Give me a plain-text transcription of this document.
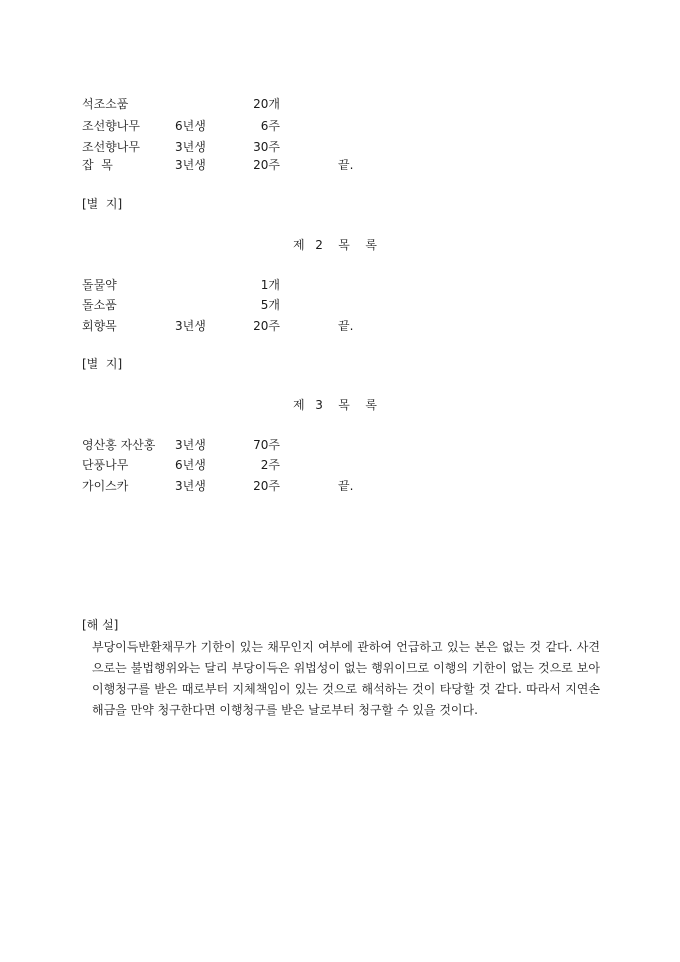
석조소품	20개
조선향나무	6년생	6주
조선향나무	3년생	30주
잡  목	3년생	20주	끝.
[별  지]
제  2   목   록
돌물약	1개
돌소품	5개
회향목	3년생	20주	끝.
[별  지]
제  3   목   록
영산홍 자산홍 3년생	70주
단풍나무	6년생	2주
가이스카	3년생	20주	끝.
[해 설]

부당이득반환채무가 기한이 있는 채무인지 여부에 관하여 언급하고 있는 본은 없는 것 같다. 사견으로는 불법행위와는 달리 부당이득은 위법성이 없는 행위이므로 이행의 기한이 없는 것으로 보아 이행청구를 받은 때로부터 지체책임이 있는 것으로 해석하는 것이 타당할 것 같다. 따라서 지연손해금을 만약 청구한다면 이행청구를 받은 날로부터 청구할 수 있을 것이다.
